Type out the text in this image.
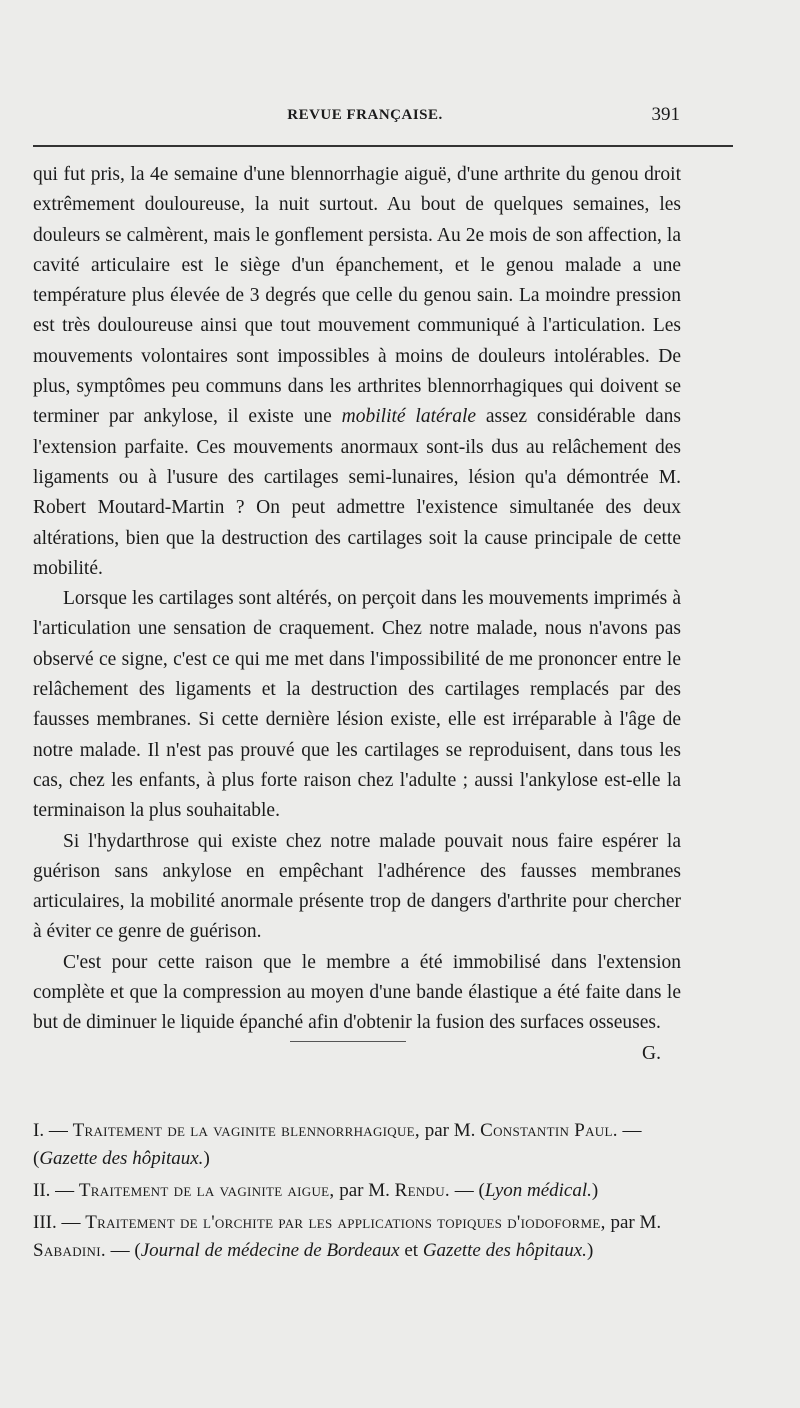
REVUE FRANÇAISE.	391

qui fut pris, la 4e semaine d'une blennorrhagie aiguë, d'une arthrite du genou droit extrêmement douloureuse, la nuit surtout. Au bout de quelques semaines, les douleurs se calmèrent, mais le gonflement persista. Au 2e mois de son affection, la cavité articulaire est le siège d'un épanchement, et le genou malade a une température plus élevée de 3 degrés que celle du genou sain. La moindre pression est très douloureuse ainsi que tout mouvement communiqué à l'articulation. Les mouvements volontaires sont impossibles à moins de douleurs intolérables. De plus, symptômes peu communs dans les arthrites blennorrhagiques qui doivent se terminer par ankylose, il existe une mobilité latérale assez considérable dans l'extension parfaite. Ces mouvements anormaux sont-ils dus au relâchement des ligaments ou à l'usure des cartilages semi-lunaires, lésion qu'a démontrée M. Robert Moutard-Martin ? On peut admettre l'existence simultanée des deux altérations, bien que la destruction des cartilages soit la cause principale de cette mobilité.

Lorsque les cartilages sont altérés, on perçoit dans les mouvements imprimés à l'articulation une sensation de craquement. Chez notre malade, nous n'avons pas observé ce signe, c'est ce qui me met dans l'impossibilité de me prononcer entre le relâchement des ligaments et la destruction des cartilages remplacés par des fausses membranes. Si cette dernière lésion existe, elle est irréparable à l'âge de notre malade. Il n'est pas prouvé que les cartilages se reproduisent, dans tous les cas, chez les enfants, à plus forte raison chez l'adulte ; aussi l'ankylose est-elle la terminaison la plus souhaitable.

Si l'hydarthrose qui existe chez notre malade pouvait nous faire espérer la guérison sans ankylose en empêchant l'adhérence des fausses membranes articulaires, la mobilité anormale présente trop de dangers d'arthrite pour chercher à éviter ce genre de guérison.

C'est pour cette raison que le membre a été immobilisé dans l'extension complète et que la compression au moyen d'une bande élastique a été faite dans le but de diminuer le liquide épanché afin d'obtenir la fusion des surfaces osseuses.
G.

I. — Traitement de la vaginite blennorrhagique, par M. Constantin Paul. — (Gazette des hôpitaux.)
II. — Traitement de la vaginite aigue, par M. Rendu. — (Lyon médical.)
III. — Traitement de l'orchite par les applications topiques d'iodoforme, par M. Sabadini. — (Journal de médecine de Bordeaux et Gazette des hôpitaux.)
